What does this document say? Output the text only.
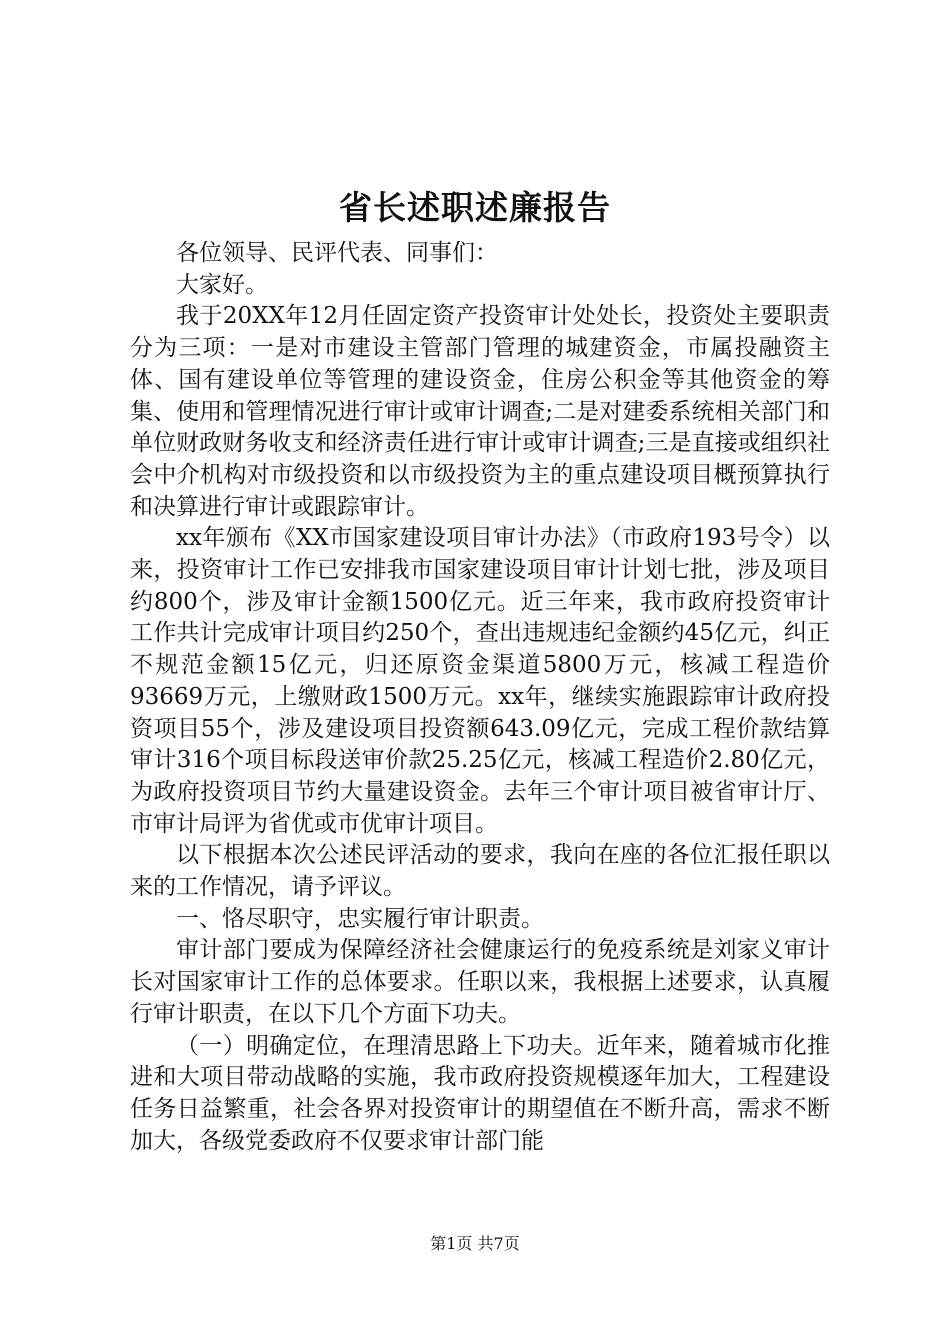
省长述职述廉报告

各位领导、民评代表、同事们：

大家好。

我于20XX年12月任固定资产投资审计处处长，投资处主要职责分为三项：一是对市建设主管部门管理的城建资金，市属投融资主体、国有建设单位等管理的建设资金，住房公积金等其他资金的筹集、使用和管理情况进行审计或审计调查;二是对建委系统相关部门和单位财政财务收支和经济责任进行审计或审计调查;三是直接或组织社会中介机构对市级投资和以市级投资为主的重点建设项目概预算执行和决算进行审计或跟踪审计。

xx年颁布《XX市国家建设项目审计办法》（市政府193号令）以来，投资审计工作已安排我市国家建设项目审计计划七批，涉及项目约800个，涉及审计金额1500亿元。近三年来，我市政府投资审计工作共计完成审计项目约250个，查出违规违纪金额约45亿元，纠正不规范金额15亿元，归还原资金渠道5800万元，核减工程造价93669万元，上缴财政1500万元。xx年，继续实施跟踪审计政府投资项目55个，涉及建设项目投资额643.09亿元，完成工程价款结算审计316个项目标段送审价款25.25亿元，核减工程造价2.80亿元，为政府投资项目节约大量建设资金。去年三个审计项目被省审计厅、市审计局评为省优或市优审计项目。

以下根据本次公述民评活动的要求，我向在座的各位汇报任职以来的工作情况，请予评议。

一、恪尽职守，忠实履行审计职责。

审计部门要成为保障经济社会健康运行的免疫系统是刘家义审计长对国家审计工作的总体要求。任职以来，我根据上述要求，认真履行审计职责，在以下几个方面下功夫。

（一）明确定位，在理清思路上下功夫。近年来，随着城市化推进和大项目带动战略的实施，我市政府投资规模逐年加大，工程建设任务日益繁重，社会各界对投资审计的期望值在不断升高，需求不断加大，各级党委政府不仅要求审计部门能

第1页 共7页
